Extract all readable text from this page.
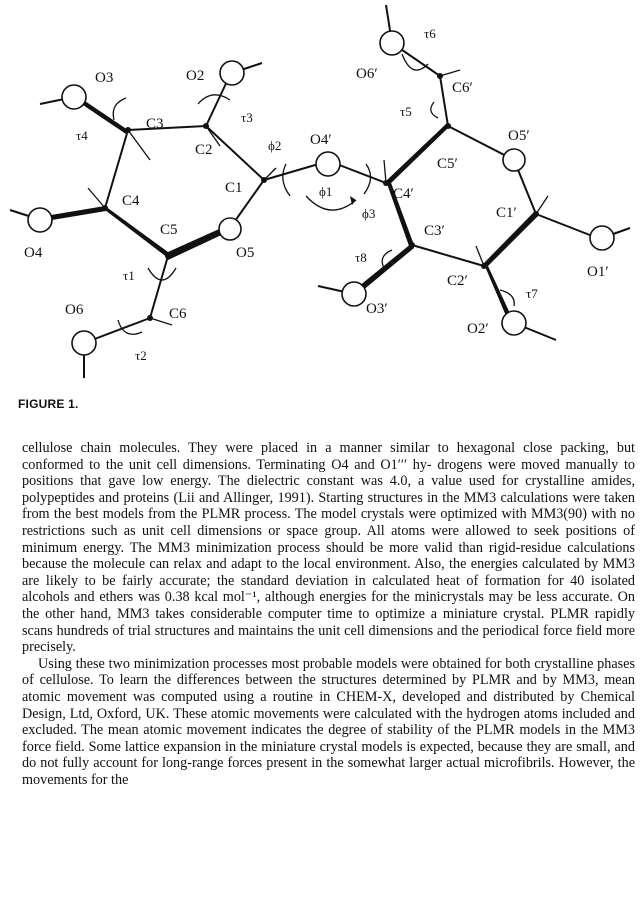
O3	O2
C3
C2
C1
C4
C5
O4	O5
C6
O6
O4′
C4′
C5′
O5′
C1′
O1′
C3′
C2′
O3′
O2′
C6′
O6′
τ1
τ2
τ3
τ4
τ5
τ6
τ7
τ8
ϕ1
ϕ2
ϕ3
FIGURE 1.

cellulose chain molecules. They were placed in a manner similar to hexagonal close packing, but conformed to the unit cell dimensions. Terminating O4 and O1′′′ hy- drogens were moved manually to positions that gave low energy. The dielectric constant was 4.0, a value used for crystalline amides, polypeptides and proteins (Lii and Allinger, 1991). Starting structures in the MM3 calculations were taken from the best models from the PLMR process. The model crystals were optimized with MM3(90) with no restrictions such as unit cell dimensions or space group. All atoms were allowed to seek positions of minimum energy. The MM3 minimization process should be more valid than rigid-residue calculations because the molecule can relax and adapt to the local environment. Also, the energies calculated by MM3 are likely to be fairly accurate; the standard deviation in calculated heat of formation for 40 isolated alcohols and ethers was 0.38 kcal mol⁻¹, although energies for the minicrystals may be less accurate. On the other hand, MM3 takes considerable computer time to optimize a miniature crystal. PLMR rapidly scans hundreds of trial structures and maintains the unit cell dimensions and the periodical force field more precisely.

Using these two minimization processes most probable models were obtained for both crystalline phases of cellulose. To learn the differences between the structures determined by PLMR and by MM3, mean atomic movement was computed using a routine in CHEM-X, developed and distributed by Chemical Design, Ltd, Oxford, UK. These atomic movements were calculated with the hydrogen atoms included and excluded. The mean atomic movement indicates the degree of stability of the PLMR models in the MM3 force field. Some lattice expansion in the miniature crystal models is expected, because they are small, and do not fully account for long-range forces present in the somewhat larger actual microfibrils. However, the movements for the
